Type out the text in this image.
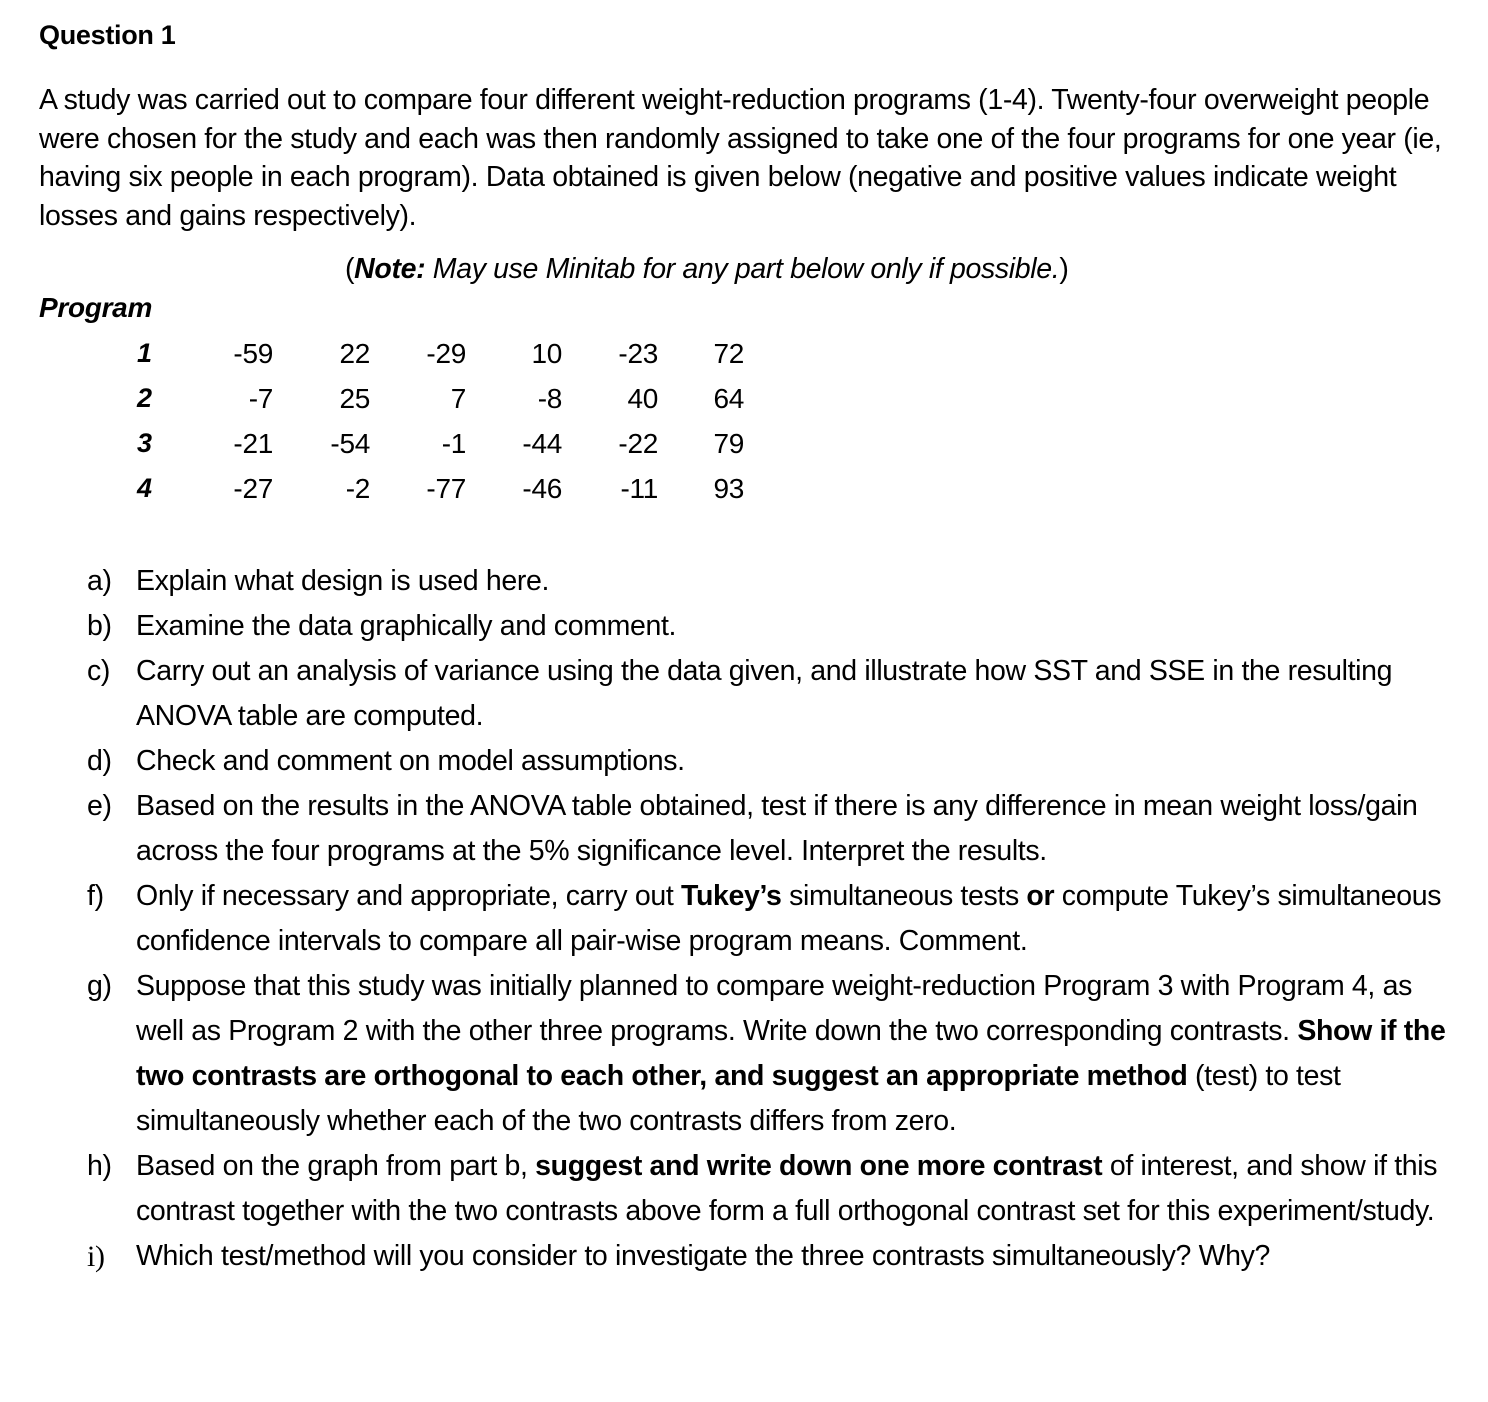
Question 1
A study was carried out to compare four different weight-reduction programs (1-4). Twenty-four overweight people were chosen for the study and each was then randomly assigned to take one of the four programs for one year (ie, having six people in each program). Data obtained is given below (negative and positive values indicate weight losses and gains respectively).
(Note: May use Minitab for any part below only if possible.)
Program
1	-59	22	-29	10	-23	72
2	-7	25	7	-8	40	64
3	-21	-54	-1	-44	-22	79
4	-27	-2	-77	-46	-11	93
a) Explain what design is used here.
b) Examine the data graphically and comment.
c) Carry out an analysis of variance using the data given, and illustrate how SST and SSE in the resulting ANOVA table are computed.
d) Check and comment on model assumptions.
e) Based on the results in the ANOVA table obtained, test if there is any difference in mean weight loss/gain across the four programs at the 5% significance level. Interpret the results.
f) Only if necessary and appropriate, carry out Tukey’s simultaneous tests or compute Tukey’s simultaneous confidence intervals to compare all pair-wise program means. Comment.
g) Suppose that this study was initially planned to compare weight-reduction Program 3 with Program 4, as well as Program 2 with the other three programs. Write down the two corresponding contrasts. Show if the two contrasts are orthogonal to each other, and suggest an appropriate method (test) to test simultaneously whether each of the two contrasts differs from zero.
h) Based on the graph from part b, suggest and write down one more contrast of interest, and show if this contrast together with the two contrasts above form a full orthogonal contrast set for this experiment/study.
i) Which test/method will you consider to investigate the three contrasts simultaneously? Why?
